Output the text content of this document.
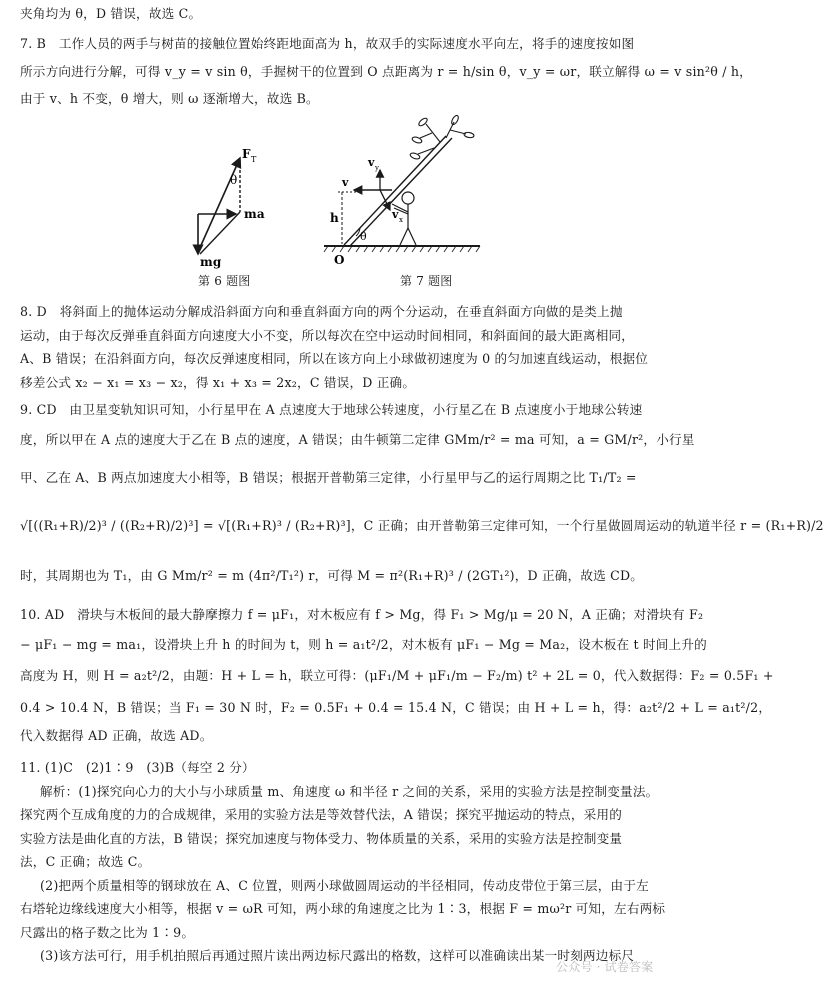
夹角均为 θ，D 错误，故选 C。
7. B　工作人员的两手与树苗的接触位置始终距地面高为 h，故双手的实际速度水平向左，将手的速度按如图
所示方向进行分解，可得 v_y = v sin θ，手握树干的位置到 O 点距离为 r = h/sin θ，v_y = ωr，联立解得 ω = v sin²θ / h，
由于 v、h 不变，θ 增大，则 ω 逐渐增大，故选 B。
F T
θ
ma
mg
第 6 题图
v
v y
v x
h
θ
O
第 7 题图
8. D　将斜面上的抛体运动分解成沿斜面方向和垂直斜面方向的两个分运动，在垂直斜面方向做的是类上抛
运动，由于每次反弹垂直斜面方向速度大小不变，所以每次在空中运动时间相同，和斜面间的最大距离相同，
A、B 错误；在沿斜面方向，每次反弹速度相同，所以在该方向上小球做初速度为 0 的匀加速直线运动，根据位
移差公式 x₂ − x₁ = x₃ − x₂，得 x₁ + x₃ = 2x₂，C 错误，D 正确。
9. CD　由卫星变轨知识可知，小行星甲在 A 点速度大于地球公转速度，小行星乙在 B 点速度小于地球公转速
度，所以甲在 A 点的速度大于乙在 B 点的速度，A 错误；由牛顿第二定律 GMm/r² = ma 可知，a = GM/r²，小行星
甲、乙在 A、B 两点加速度大小相等，B 错误；根据开普勒第三定律，小行星甲与乙的运行周期之比 T₁/T₂ =
√[((R₁+R)/2)³ / ((R₂+R)/2)³] = √[(R₁+R)³ / (R₂+R)³]，C 正确；由开普勒第三定律可知，一个行星做圆周运动的轨道半径 r = (R₁+R)/2
时，其周期也为 T₁，由 G Mm/r² = m (4π²/T₁²) r，可得 M = π²(R₁+R)³ / (2GT₁²)，D 正确，故选 CD。
10. AD　滑块与木板间的最大静摩擦力 f = μF₁，对木板应有 f > Mg，得 F₁ > Mg/μ = 20 N，A 正确；对滑块有 F₂
− μF₁ − mg = ma₁，设滑块上升 h 的时间为 t，则 h = a₁t²/2，对木板有 μF₁ − Mg = Ma₂，设木板在 t 时间上升的
高度为 H，则 H = a₂t²/2，由题：H + L = h，联立可得：(μF₁/M + μF₁/m − F₂/m) t² + 2L = 0，代入数据得：F₂ = 0.5F₁ +
0.4 > 10.4 N，B 错误；当 F₁ = 30 N 时，F₂ = 0.5F₁ + 0.4 = 15.4 N，C 错误；由 H + L = h，得：a₂t²/2 + L = a₁t²/2，
代入数据得 AD 正确，故选 AD。
11. (1)C　(2)1∶9　(3)B（每空 2 分）
解析：(1)探究向心力的大小与小球质量 m、角速度 ω 和半径 r 之间的关系，采用的实验方法是控制变量法。
探究两个互成角度的力的合成规律，采用的实验方法是等效替代法，A 错误；探究平抛运动的特点，采用的
实验方法是曲化直的方法，B 错误；探究加速度与物体受力、物体质量的关系，采用的实验方法是控制变量
法，C 正确；故选 C。
(2)把两个质量相等的钢球放在 A、C 位置，则两小球做圆周运动的半径相同，传动皮带位于第三层，由于左
右塔轮边缘线速度大小相等，根据 v = ωR 可知，两小球的角速度之比为 1∶3，根据 F = mω²r 可知，左右两标
尺露出的格子数之比为 1∶9。
(3)该方法可行，用手机拍照后再通过照片读出两边标尺露出的格数，这样可以准确读出某一时刻两边标尺
公众号 · 试卷答案
